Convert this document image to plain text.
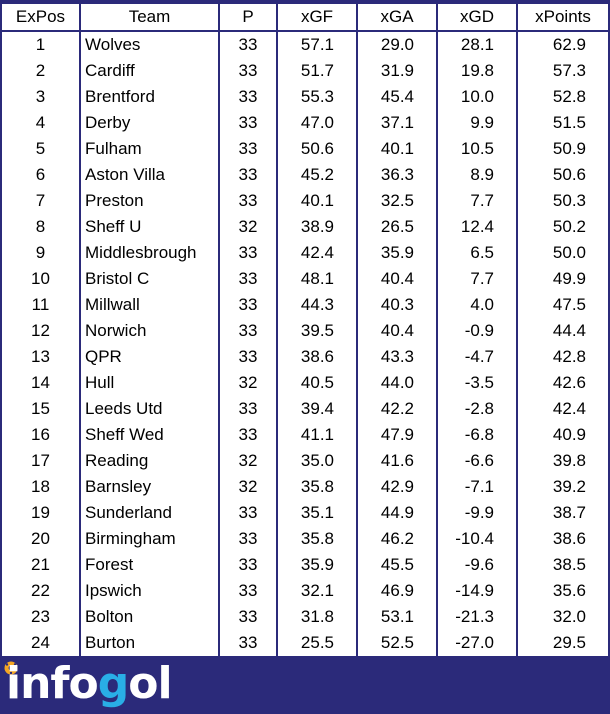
ExPos	Team	P	xGF	xGA	xGD	xPoints
1	Wolves	33	57.1	29.0	28.1	62.9
2	Cardiff	33	51.7	31.9	19.8	57.3
3	Brentford	33	55.3	45.4	10.0	52.8
4	Derby	33	47.0	37.1	9.9	51.5
5	Fulham	33	50.6	40.1	10.5	50.9
6	Aston Villa	33	45.2	36.3	8.9	50.6
7	Preston	33	40.1	32.5	7.7	50.3
8	Sheff U	32	38.9	26.5	12.4	50.2
9	Middlesbrough	33	42.4	35.9	6.5	50.0
10	Bristol C	33	48.1	40.4	7.7	49.9
11	Millwall	33	44.3	40.3	4.0	47.5
12	Norwich	33	39.5	40.4	-0.9	44.4
13	QPR	33	38.6	43.3	-4.7	42.8
14	Hull	32	40.5	44.0	-3.5	42.6
15	Leeds Utd	33	39.4	42.2	-2.8	42.4
16	Sheff Wed	33	41.1	47.9	-6.8	40.9
17	Reading	32	35.0	41.6	-6.6	39.8
18	Barnsley	32	35.8	42.9	-7.1	39.2
19	Sunderland	33	35.1	44.9	-9.9	38.7
20	Birmingham	33	35.8	46.2	-10.4	38.6
21	Forest	33	35.9	45.5	-9.6	38.5
22	Ipswich	33	32.1	46.9	-14.9	35.6
23	Bolton	33	31.8	53.1	-21.3	32.0
24	Burton	33	25.5	52.5	-27.0	29.5
infogol
